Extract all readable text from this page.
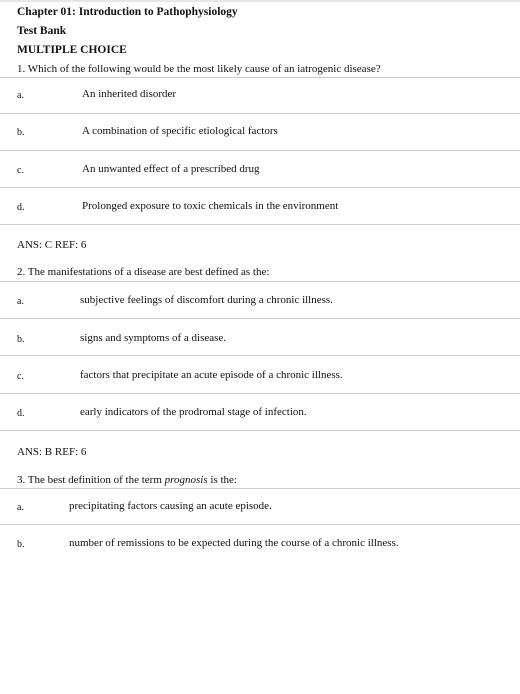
Chapter 01: Introduction to Pathophysiology
Test Bank
MULTIPLE CHOICE
1. Which of the following would be the most likely cause of an iatrogenic disease?
a.	An inherited disorder
b.	A combination of specific etiological factors
c.	An unwanted effect of a prescribed drug
d.	Prolonged exposure to toxic chemicals in the environment
ANS: C REF: 6
2. The manifestations of a disease are best defined as the:
a.	subjective feelings of discomfort during a chronic illness.
b.	signs and symptoms of a disease.
c.	factors that precipitate an acute episode of a chronic illness.
d.	early indicators of the prodromal stage of infection.
ANS: B REF: 6
3. The best definition of the term prognosis is the:
a.	precipitating factors causing an acute episode.
b.	number of remissions to be expected during the course of a chronic illness.
